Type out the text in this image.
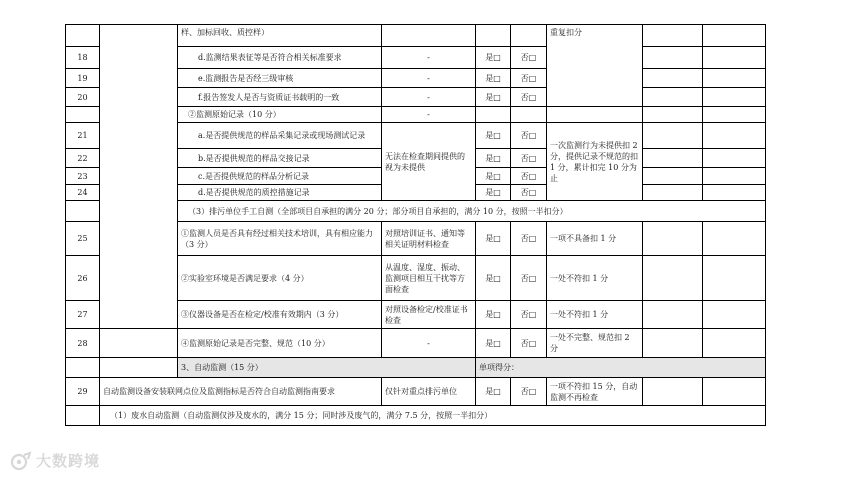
		样、加标回收、质控样）				重复扣分		
18		d.监测结果表征等是否符合相关标准要求	-	是□	否□			
19		e.监测报告是否经三级审核	-	是□	否□			
20		f.报告签发人是否与资质证书载明的一致	-	是□	否□			
		②监测原始记录（10 分）	-					
21		a.是否提供规范的样品采集记录或现场测试记录	无法在检查期间提供的视为未提供	是□	否□	一次监测行为未提供扣 2 分，提供记录不规范的扣 1 分，累计扣完 10 分为止		
22		b.是否提供规范的样品交接记录		是□	否□			
23		c.是否提供规范的样品分析记录		是□	否□			
24		d.是否提供规范的质控措施记录		是□	否□			
		（3）排污单位手工自测（全部项目自承担的满分 20 分；部分项目自承担的，满分 10 分，按照一半扣分）						
25		①监测人员是否具有经过相关技术培训，具有相应能力（3 分）	对照培训证书、通知等相关证明材料检查	是□	否□	一项不具备扣 1 分		
26		②实验室环境是否满足要求（4 分）	从温度、湿度、振动、监测项目相互干扰等方面检查	是□	否□	一处不符扣 1 分		
27		③仪器设备是否在检定/校准有效期内（3 分）	对照设备检定/校准证书检查	是□	否□	一处不符扣 1 分		
28		④监测原始记录是否完整、规范（10 分）	-	是□	否□	一处不完整、规范扣 2 分		
		3、自动监测（15 分）		单项得分：				
29	自动监测设备安装联网点位及监测指标是否符合自动监测指南要求		仅针对重点排污单位	是□	否□	一项不符扣 15 分，自动监测不再检查		
	（1）废水自动监测（自动监测仅涉及废水的，满分 15 分；同时涉及废气的，满分 7.5 分，按照一半扣分）							
大数跨境
